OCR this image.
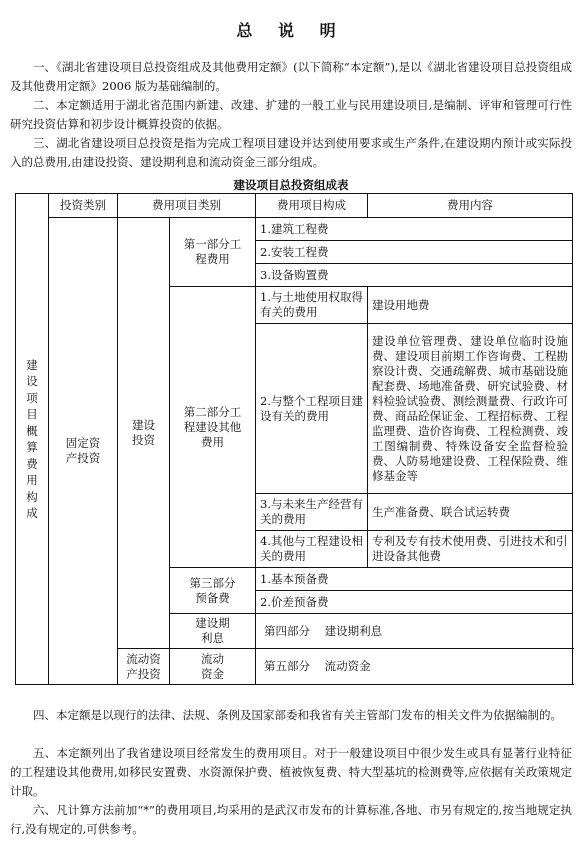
总 说 明

一、《湖北省建设项目总投资组成及其他费用定额》(以下简称“本定额”),是以《湖北省建设项目总投资组成及其他费用定额》2006 版为基础编制的。

二、本定额适用于湖北省范围内新建、改建、扩建的一般工业与民用建设项目,是编制、评审和管理可行性研究投资估算和初步设计概算投资的依据。

三、湖北省建设项目总投资是指为完成工程项目建设并达到使用要求或生产条件,在建设期内预计或实际投入的总费用,由建设投资、建设期利息和流动资金三部分组成。

建设项目总投资组成表
建设项目概算费用构成	投资类别	费用项目类别		费用项目构成	费用内容

	固定资产投资	建设投资	第一部分工程费用	1.建筑工程费	
				2.安装工程费	
				3.设备购置费	

			第二部分工程建设其他费用	1.与土地使用权取得有关的费用	建设用地费
				2.与整个工程项目建设有关的费用	建设单位管理费、建设单位临时设施费、建设项目前期工作咨询费、工程勘察设计费、交通疏解费、城市基础设施配套费、场地准备费、研究试验费、材料检验试验费、测绘测量费、行政许可费、商品砼保证金、工程招标费、工程监理费、造价咨询费、工程检测费、竣工图编制费、特殊设备安全监督检验费、人防易地建设费、工程保险费、维修基金等
				3.与未来生产经营有关的费用	生产准备费、联合试运转费
				4.其他与工程建设相关的费用	专利及专有技术使用费、引进技术和引进设备其他费

			第三部分预备费	1.基本预备费	
				2.价差预备费	

			建设期利息	第四部分    建设期利息	

		流动资产投资	流动资金	第五部分    流动资金	

四、本定额是以现行的法律、法规、条例及国家部委和我省有关主管部门发布的相关文件为依据编制的。

五、本定额列出了我省建设项目经常发生的费用项目。对于一般建设项目中很少发生或具有显著行业特征的工程建设其他费用,如移民安置费、水资源保护费、植被恢复费、特大型基坑的检测费等,应依据有关政策规定计取。

六、凡计算方法前加“*”的费用项目,均采用的是武汉市发布的计算标准,各地、市另有规定的,按当地规定执行,没有规定的,可供参考。
